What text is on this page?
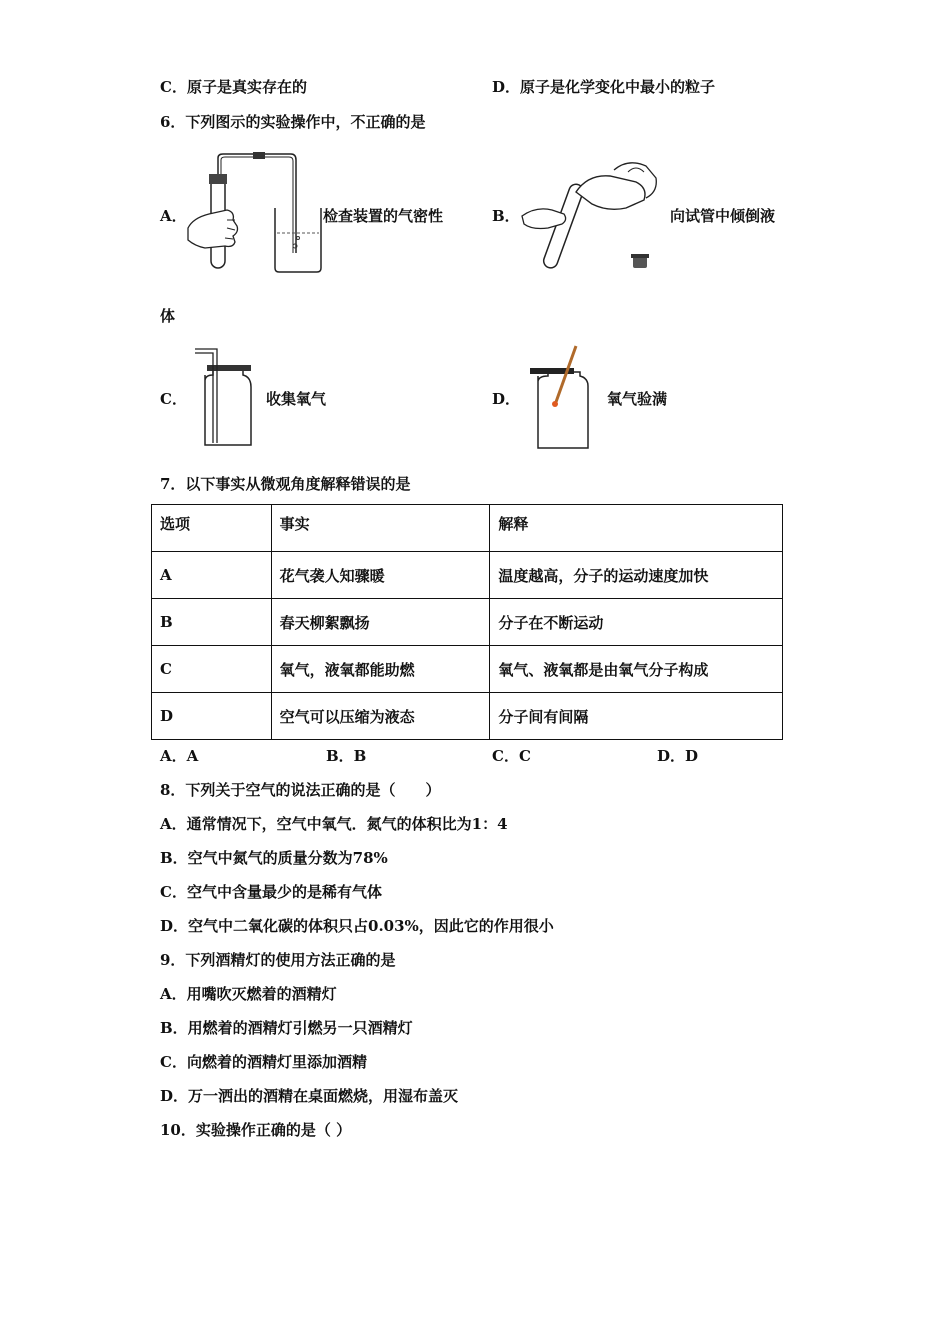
C．原子是真实存在的	D．原子是化学变化中最小的粒子
6．下列图示的实验操作中，不正确的是
A．	检查装置的气密性	B．	向试管中倾倒液
体
C．	收集氧气	D．	氧气验满
7．以下事实从微观角度解释错误的是
选项	事实	解释
A	花气袭人知骤暖	温度越高，分子的运动速度加快
B	春天柳絮飘扬	分子在不断运动
C	氧气，液氧都能助燃	氧气、液氧都是由氧气分子构成
D	空气可以压缩为液态	分子间有间隔
A．A	B．B	C．C	D．D
8．下列关于空气的说法正确的是（　　）
A．通常情况下，空气中氧气．氮气的体积比为1：4
B．空气中氮气的质量分数为78%
C．空气中含量最少的是稀有气体
D．空气中二氧化碳的体积只占0.03%，因此它的作用很小
9．下列酒精灯的使用方法正确的是
A．用嘴吹灭燃着的酒精灯
B．用燃着的酒精灯引燃另一只酒精灯
C．向燃着的酒精灯里添加酒精
D．万一洒出的酒精在桌面燃烧，用湿布盖灭
10．实验操作正确的是（ ）
